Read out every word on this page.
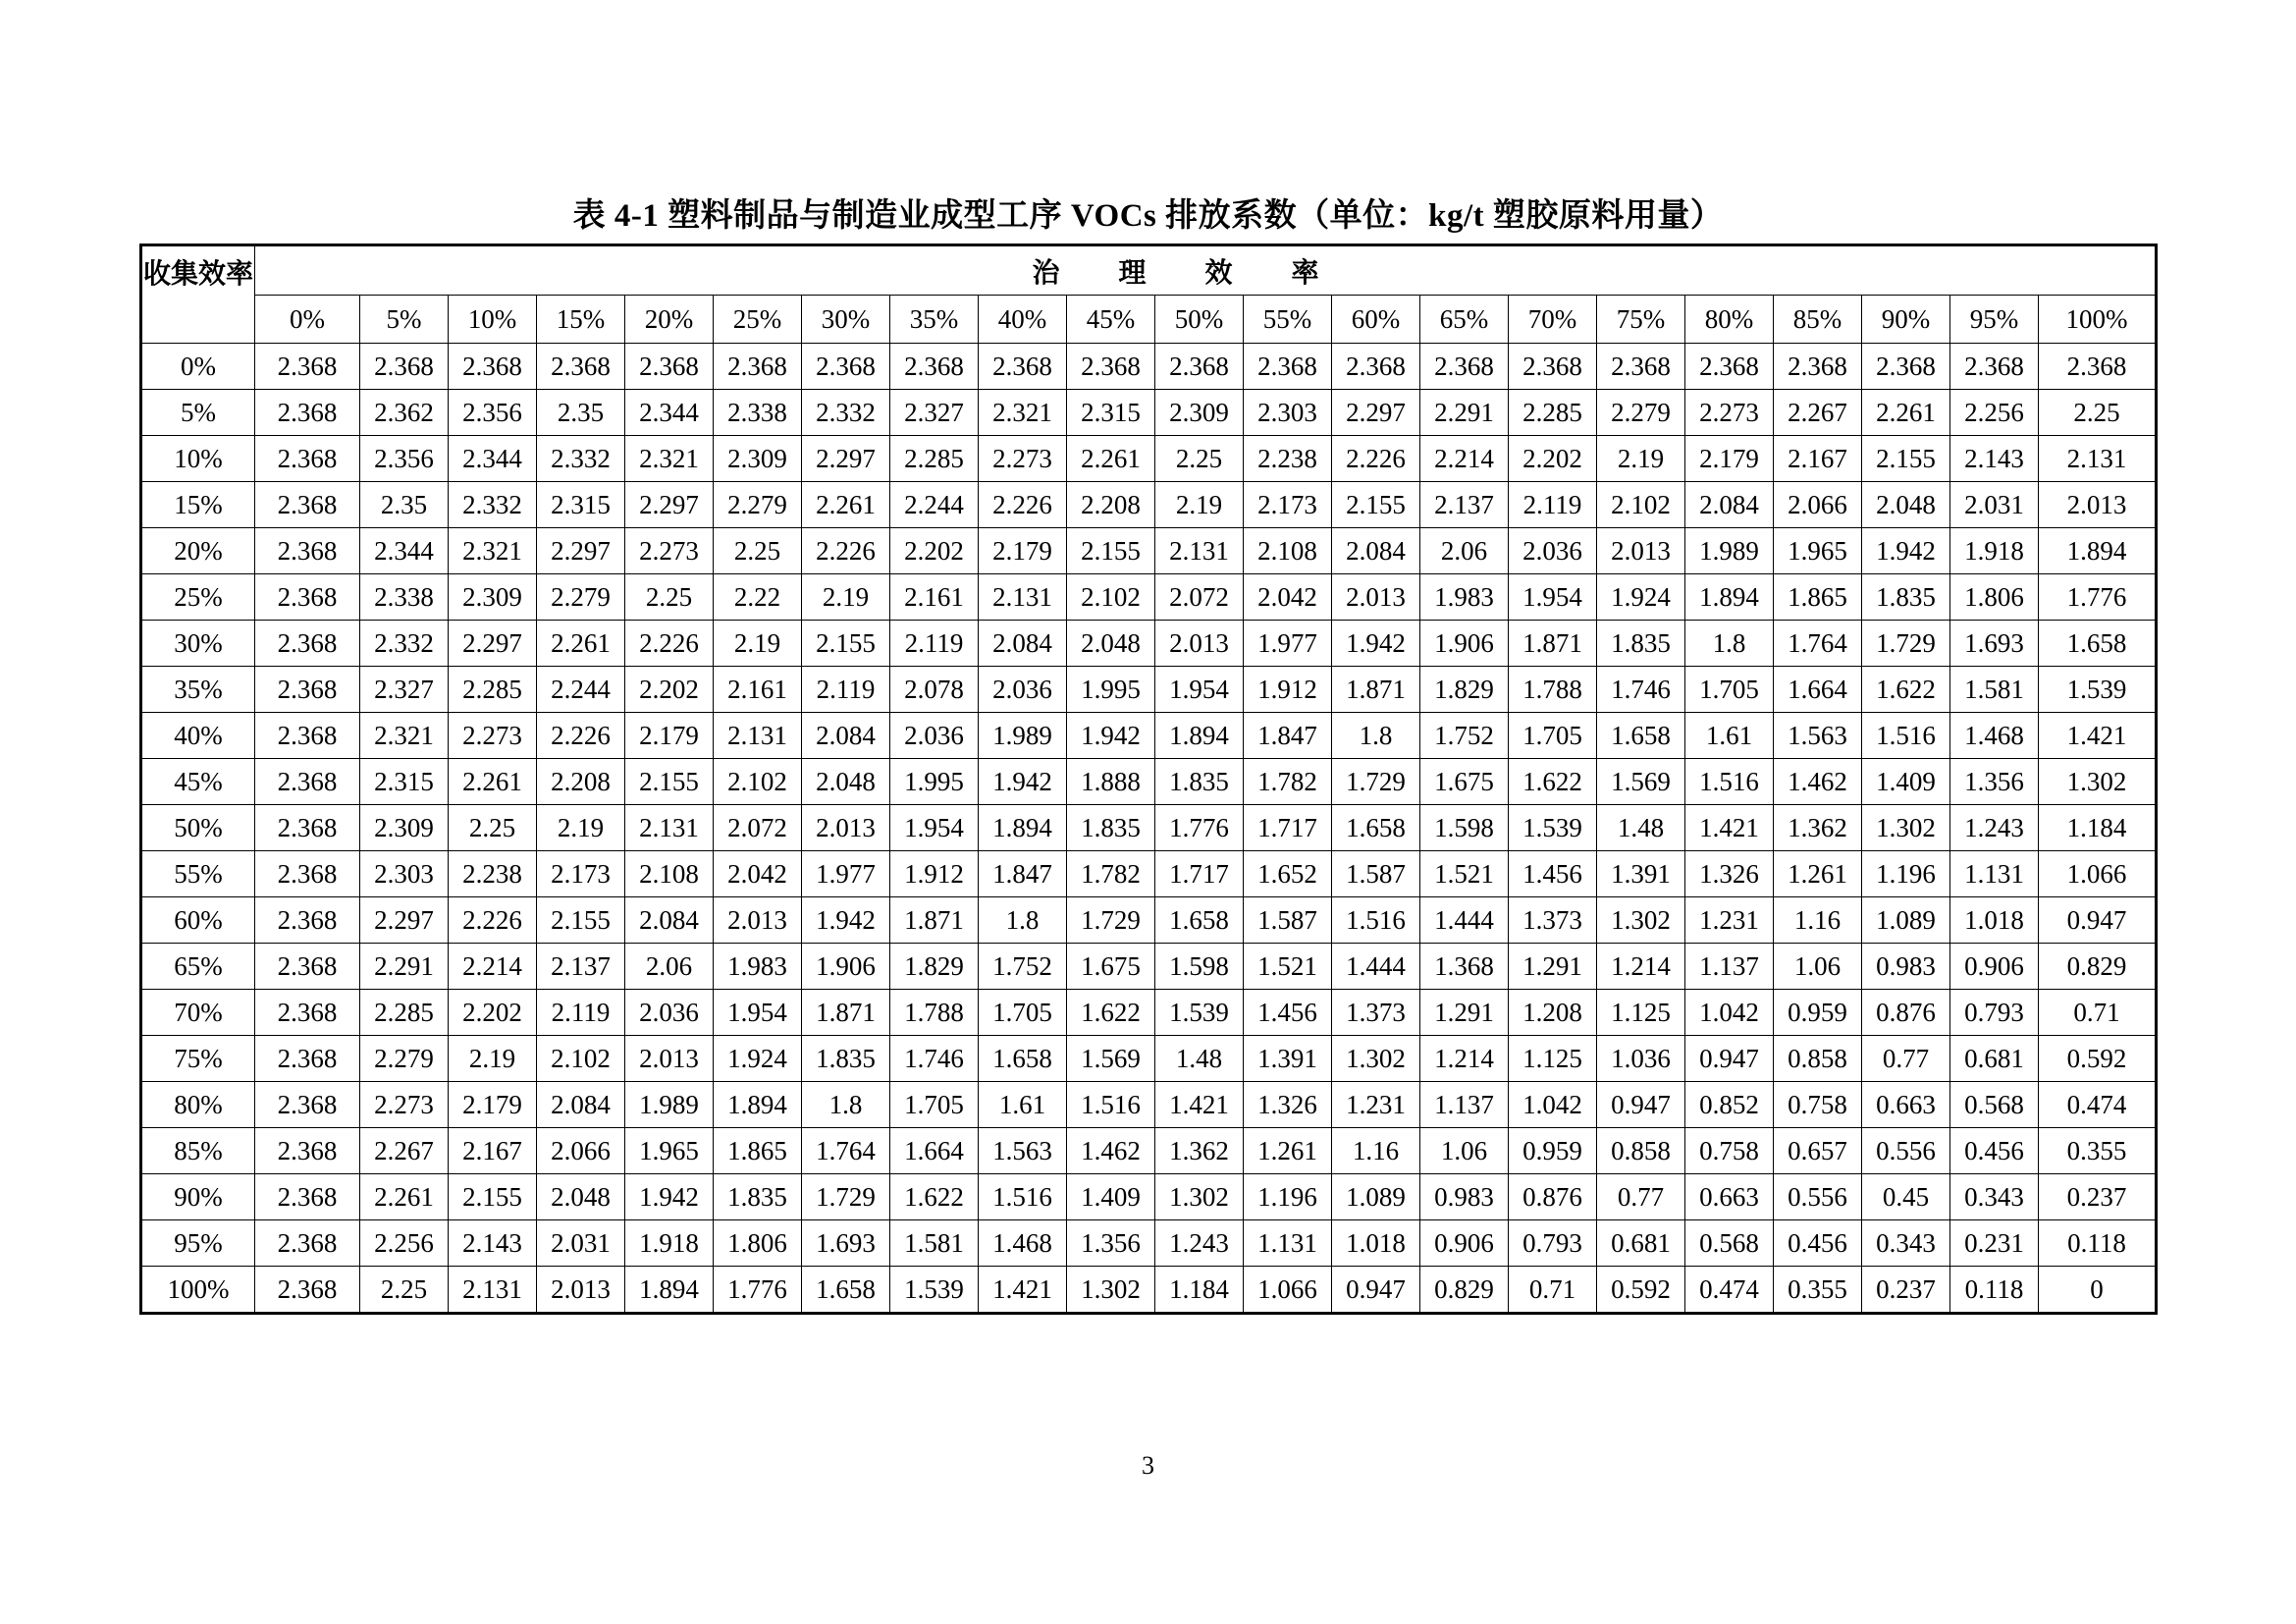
表 4-1 塑料制品与制造业成型工序 VOCs 排放系数（单位：kg/t 塑胶原料用量）
收集效率	治理效率																				
	0%	5%	10%	15%	20%	25%	30%	35%	40%	45%	50%	55%	60%	65%	70%	75%	80%	85%	90%	95%	100%
0%	2.368	2.368	2.368	2.368	2.368	2.368	2.368	2.368	2.368	2.368	2.368	2.368	2.368	2.368	2.368	2.368	2.368	2.368	2.368	2.368	2.368
5%	2.368	2.362	2.356	2.35	2.344	2.338	2.332	2.327	2.321	2.315	2.309	2.303	2.297	2.291	2.285	2.279	2.273	2.267	2.261	2.256	2.25
10%	2.368	2.356	2.344	2.332	2.321	2.309	2.297	2.285	2.273	2.261	2.25	2.238	2.226	2.214	2.202	2.19	2.179	2.167	2.155	2.143	2.131
15%	2.368	2.35	2.332	2.315	2.297	2.279	2.261	2.244	2.226	2.208	2.19	2.173	2.155	2.137	2.119	2.102	2.084	2.066	2.048	2.031	2.013
20%	2.368	2.344	2.321	2.297	2.273	2.25	2.226	2.202	2.179	2.155	2.131	2.108	2.084	2.06	2.036	2.013	1.989	1.965	1.942	1.918	1.894
25%	2.368	2.338	2.309	2.279	2.25	2.22	2.19	2.161	2.131	2.102	2.072	2.042	2.013	1.983	1.954	1.924	1.894	1.865	1.835	1.806	1.776
30%	2.368	2.332	2.297	2.261	2.226	2.19	2.155	2.119	2.084	2.048	2.013	1.977	1.942	1.906	1.871	1.835	1.8	1.764	1.729	1.693	1.658
35%	2.368	2.327	2.285	2.244	2.202	2.161	2.119	2.078	2.036	1.995	1.954	1.912	1.871	1.829	1.788	1.746	1.705	1.664	1.622	1.581	1.539
40%	2.368	2.321	2.273	2.226	2.179	2.131	2.084	2.036	1.989	1.942	1.894	1.847	1.8	1.752	1.705	1.658	1.61	1.563	1.516	1.468	1.421
45%	2.368	2.315	2.261	2.208	2.155	2.102	2.048	1.995	1.942	1.888	1.835	1.782	1.729	1.675	1.622	1.569	1.516	1.462	1.409	1.356	1.302
50%	2.368	2.309	2.25	2.19	2.131	2.072	2.013	1.954	1.894	1.835	1.776	1.717	1.658	1.598	1.539	1.48	1.421	1.362	1.302	1.243	1.184
55%	2.368	2.303	2.238	2.173	2.108	2.042	1.977	1.912	1.847	1.782	1.717	1.652	1.587	1.521	1.456	1.391	1.326	1.261	1.196	1.131	1.066
60%	2.368	2.297	2.226	2.155	2.084	2.013	1.942	1.871	1.8	1.729	1.658	1.587	1.516	1.444	1.373	1.302	1.231	1.16	1.089	1.018	0.947
65%	2.368	2.291	2.214	2.137	2.06	1.983	1.906	1.829	1.752	1.675	1.598	1.521	1.444	1.368	1.291	1.214	1.137	1.06	0.983	0.906	0.829
70%	2.368	2.285	2.202	2.119	2.036	1.954	1.871	1.788	1.705	1.622	1.539	1.456	1.373	1.291	1.208	1.125	1.042	0.959	0.876	0.793	0.71
75%	2.368	2.279	2.19	2.102	2.013	1.924	1.835	1.746	1.658	1.569	1.48	1.391	1.302	1.214	1.125	1.036	0.947	0.858	0.77	0.681	0.592
80%	2.368	2.273	2.179	2.084	1.989	1.894	1.8	1.705	1.61	1.516	1.421	1.326	1.231	1.137	1.042	0.947	0.852	0.758	0.663	0.568	0.474
85%	2.368	2.267	2.167	2.066	1.965	1.865	1.764	1.664	1.563	1.462	1.362	1.261	1.16	1.06	0.959	0.858	0.758	0.657	0.556	0.456	0.355
90%	2.368	2.261	2.155	2.048	1.942	1.835	1.729	1.622	1.516	1.409	1.302	1.196	1.089	0.983	0.876	0.77	0.663	0.556	0.45	0.343	0.237
95%	2.368	2.256	2.143	2.031	1.918	1.806	1.693	1.581	1.468	1.356	1.243	1.131	1.018	0.906	0.793	0.681	0.568	0.456	0.343	0.231	0.118
100%	2.368	2.25	2.131	2.013	1.894	1.776	1.658	1.539	1.421	1.302	1.184	1.066	0.947	0.829	0.71	0.592	0.474	0.355	0.237	0.118	0
3
